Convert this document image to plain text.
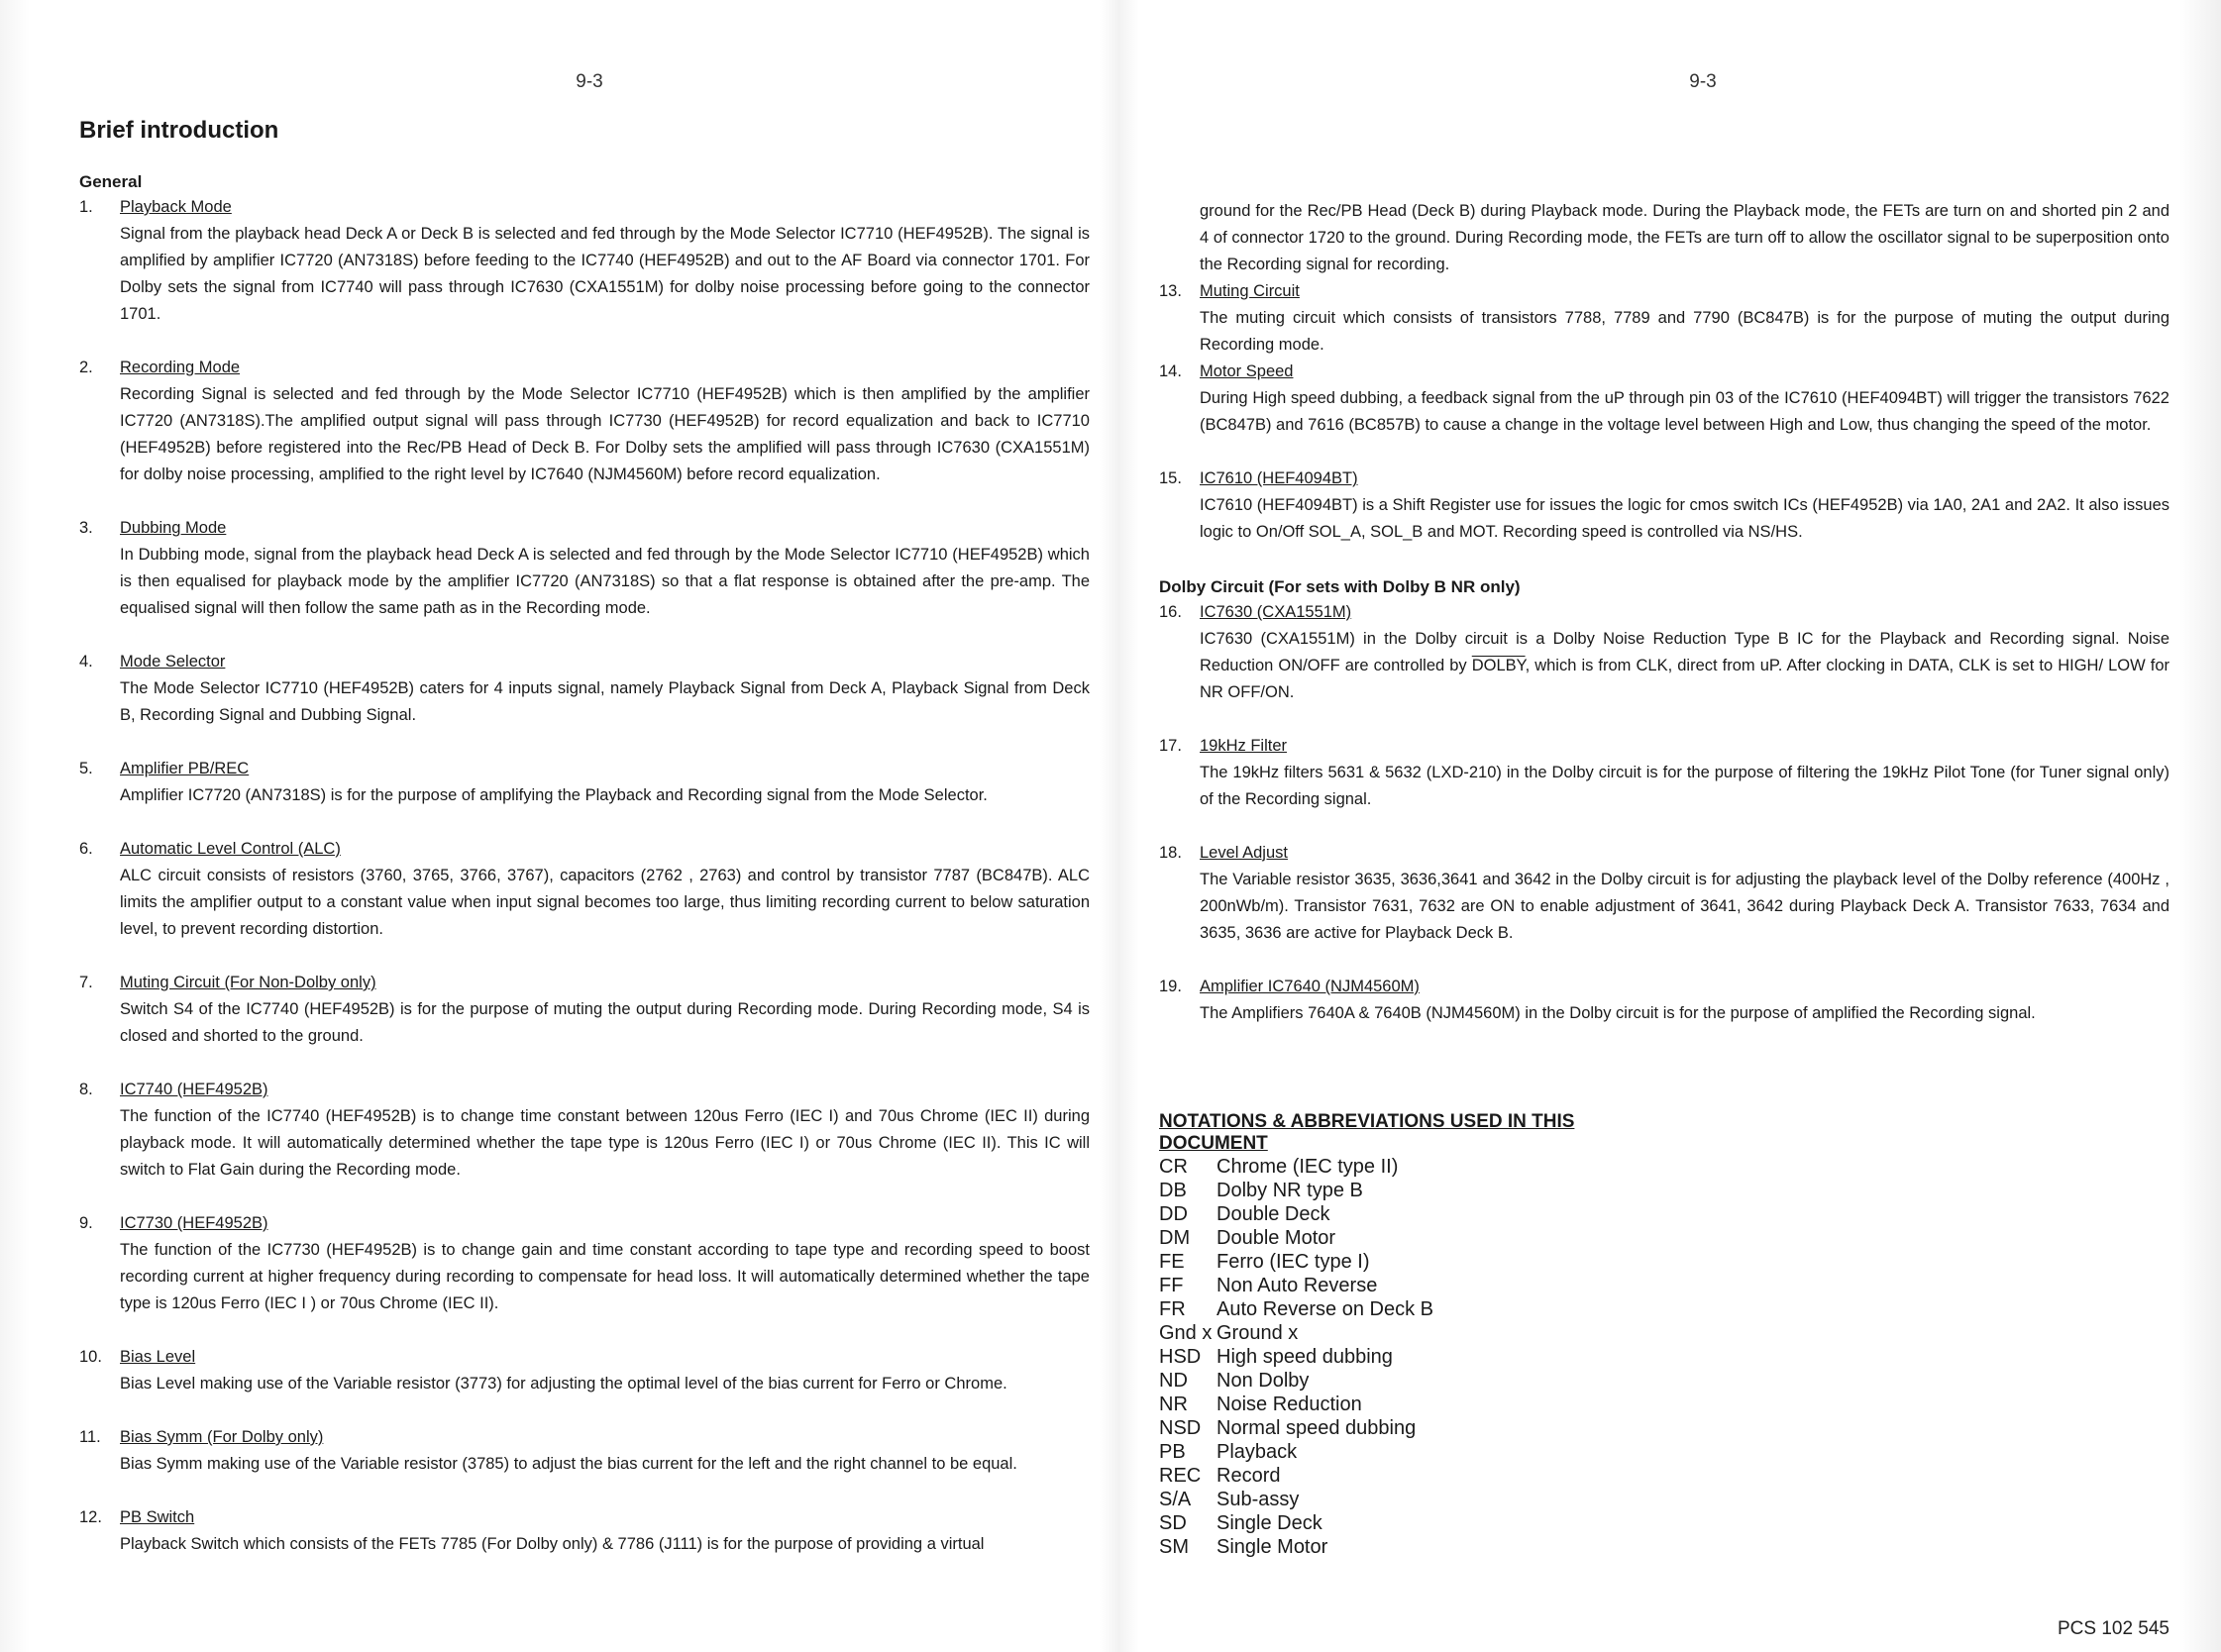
9-3
Brief introduction
General
1. Playback Mode
Signal from the playback head Deck A or Deck B is selected and fed through by the Mode Selector IC7710 (HEF4952B). The signal is amplified by amplifier IC7720 (AN7318S) before feeding to the IC7740 (HEF4952B) and out to the AF Board via connector 1701. For Dolby sets the signal from IC7740 will pass through IC7630 (CXA1551M) for dolby noise processing before going to the connector 1701.
2. Recording Mode
Recording Signal is selected and fed through by the Mode Selector IC7710 (HEF4952B) which is then amplified by the amplifier IC7720 (AN7318S).The amplified output signal will pass through IC7730 (HEF4952B) for record equalization and back to IC7710 (HEF4952B) before registered into the Rec/PB Head of Deck B. For Dolby sets the amplified will pass through IC7630 (CXA1551M) for dolby noise processing, amplified to the right level by IC7640 (NJM4560M) before record equalization.
3. Dubbing Mode
In Dubbing mode, signal from the playback head Deck A is selected and fed through by the Mode Selector IC7710 (HEF4952B) which is then equalised for playback mode by the amplifier IC7720 (AN7318S) so that a flat response is obtained after the pre-amp. The equalised signal will then follow the same path as in the Recording mode.
4. Mode Selector
The Mode Selector IC7710 (HEF4952B) caters for 4 inputs signal, namely Playback Signal from Deck A, Playback Signal from Deck B, Recording Signal and Dubbing Signal.
5. Amplifier PB/REC
Amplifier IC7720 (AN7318S) is for the purpose of amplifying the Playback and Recording signal from the Mode Selector.
6. Automatic Level Control (ALC)
ALC circuit consists of resistors (3760, 3765, 3766, 3767), capacitors (2762 , 2763) and control by transistor 7787 (BC847B). ALC limits the amplifier output to a constant value when input signal becomes too large, thus limiting recording current to below saturation level, to prevent recording distortion.
7. Muting Circuit (For Non-Dolby only)
Switch S4 of the IC7740 (HEF4952B) is for the purpose of muting the output during Recording mode. During Recording mode, S4 is closed and shorted to the ground.
8. IC7740 (HEF4952B)
The function of the IC7740 (HEF4952B) is to change time constant between 120us Ferro (IEC I) and 70us Chrome (IEC II) during playback mode. It will automatically determined whether the tape type is 120us Ferro (IEC I) or 70us Chrome (IEC II). This IC will switch to Flat Gain during the Recording mode.
9. IC7730 (HEF4952B)
The function of the IC7730 (HEF4952B) is to change gain and time constant according to tape type and recording speed to boost recording current at higher frequency during recording to compensate for head loss. It will automatically determined whether the tape type is 120us Ferro (IEC I ) or 70us Chrome (IEC II).
10. Bias Level
Bias Level making use of the Variable resistor (3773) for adjusting the optimal level of the bias current for Ferro or Chrome.
11. Bias Symm (For Dolby only)
Bias Symm making use of the Variable resistor (3785) to adjust the bias current for the left and the right channel to be equal.
12. PB Switch
Playback Switch which consists of the FETs 7785 (For Dolby only) & 7786 (J111) is for the purpose of providing a virtual
9-3
ground for the Rec/PB Head (Deck B) during Playback mode. During the Playback mode, the FETs are turn on and shorted pin 2 and 4 of connector 1720 to the ground. During Recording mode, the FETs are turn off to allow the oscillator signal to be superposition onto the Recording signal for recording.
13. Muting Circuit
The muting circuit which consists of transistors 7788, 7789 and 7790 (BC847B) is for the purpose of muting the output during Recording mode.
14. Motor Speed
During High speed dubbing, a feedback signal from the uP through pin 03 of the IC7610 (HEF4094BT) will trigger the transistors 7622 (BC847B) and 7616 (BC857B) to cause a change in the voltage level between High and Low, thus changing the speed of the motor.
15. IC7610 (HEF4094BT)
IC7610 (HEF4094BT) is a Shift Register use for issues the logic for cmos switch ICs (HEF4952B) via 1A0, 2A1 and 2A2. It also issues logic to On/Off SOL_A, SOL_B and MOT. Recording speed is controlled via NS/HS.
Dolby Circuit (For sets with Dolby B NR only)
16. IC7630 (CXA1551M)
IC7630 (CXA1551M) in the Dolby circuit is a Dolby Noise Reduction Type B IC for the Playback and Recording signal. Noise Reduction ON/OFF are controlled by DOLBY, which is from CLK, direct from uP. After clocking in DATA, CLK is set to HIGH/ LOW for NR OFF/ON.
17. 19kHz Filter
The 19kHz filters 5631 & 5632 (LXD-210) in the Dolby circuit is for the purpose of filtering the 19kHz Pilot Tone (for Tuner signal only) of the Recording signal.
18. Level Adjust
The Variable resistor 3635, 3636,3641 and 3642 in the Dolby circuit is for adjusting the playback level of the Dolby reference (400Hz , 200nWb/m). Transistor 7631, 7632 are ON to enable adjustment of 3641, 3642 during Playback Deck A. Transistor 7633, 7634 and 3635, 3636 are active for Playback Deck B.
19. Amplifier IC7640 (NJM4560M)
The Amplifiers 7640A & 7640B (NJM4560M) in the Dolby circuit is for the purpose of amplified the Recording signal.
NOTATIONS & ABBREVIATIONS USED IN THIS DOCUMENT
CR	Chrome (IEC type II)
DB	Dolby NR type B
DD	Double Deck
DM	Double Motor
FE	Ferro (IEC type I)
FF	Non Auto Reverse
FR	Auto Reverse on Deck B
Gnd x Ground x
HSD High speed dubbing
ND	Non Dolby
NR	Noise Reduction
NSD Normal speed dubbing
PB	Playback
REC Record
S/A	Sub-assy
SD	Single Deck
SM	Single Motor
PCS 102 545
